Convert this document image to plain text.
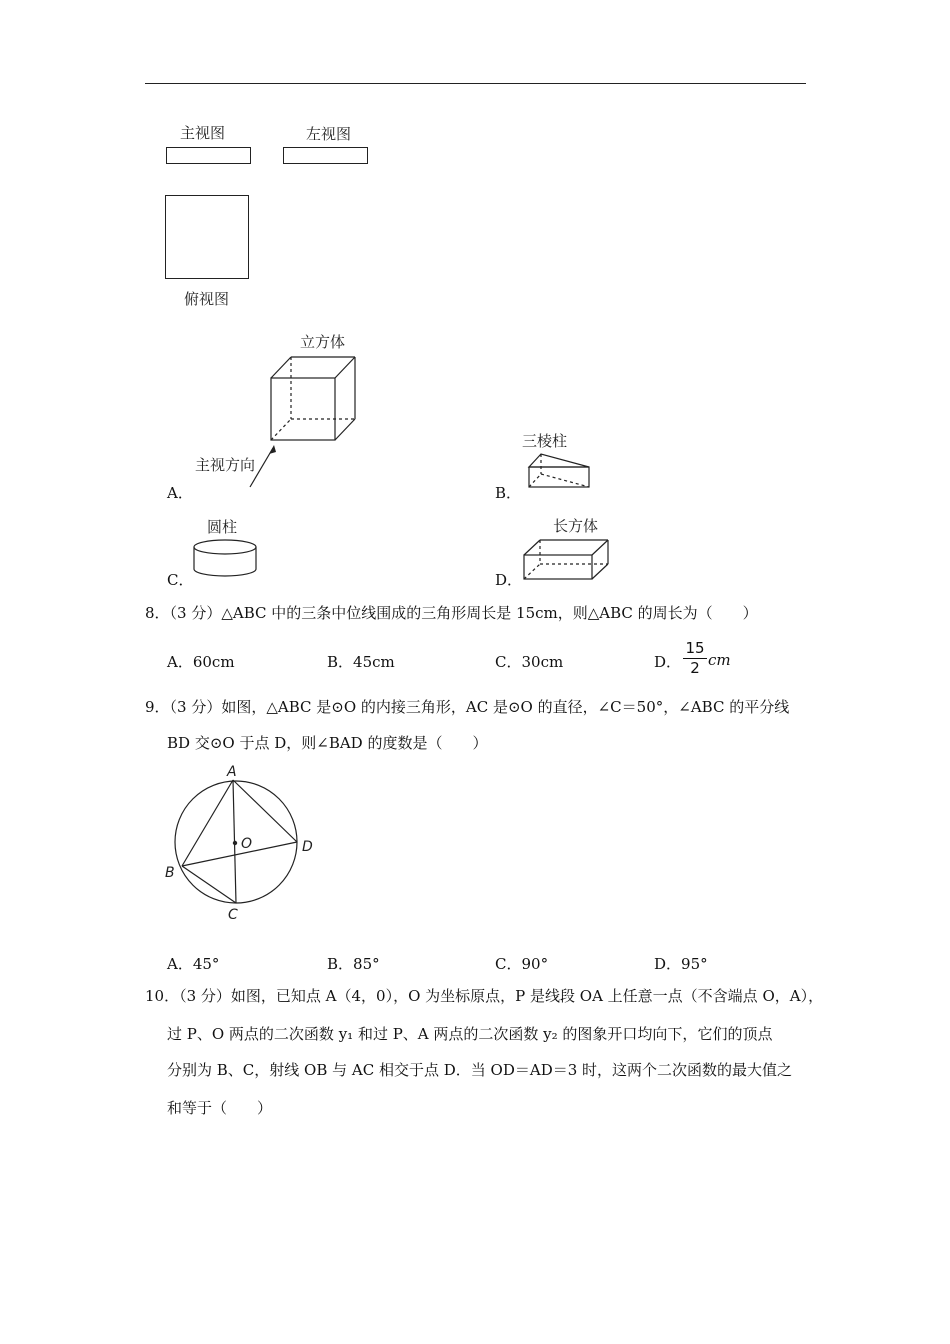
主视图	左视图
俯视图
立方体
主视方向
A．
三棱柱
B．
圆柱
C．
长方体
D．
8．（3 分）△ABC 中的三条中位线围成的三角形周长是 15cm，则△ABC 的周长为（　　）
A．60cm	B．45cm	C．30cm	D．
15
2 cm
9．（3 分）如图，△ABC 是⊙O 的内接三角形，AC 是⊙O 的直径，∠C＝50°，∠ABC 的平分线
BD 交⊙O 于点 D，则∠BAD 的度数是（　　）
A
B
C
D
O
A．45°	B．85°	C．90°	D．95°
10．（3 分）如图，已知点 A（4，0），O 为坐标原点，P 是线段 OA 上任意一点（不含端点 O，A），
过 P、O 两点的二次函数 y₁ 和过 P、A 两点的二次函数 y₂ 的图象开口均向下，它们的顶点
分别为 B、C，射线 OB 与 AC 相交于点 D．当 OD＝AD＝3 时，这两个二次函数的最大值之
和等于（　　）
